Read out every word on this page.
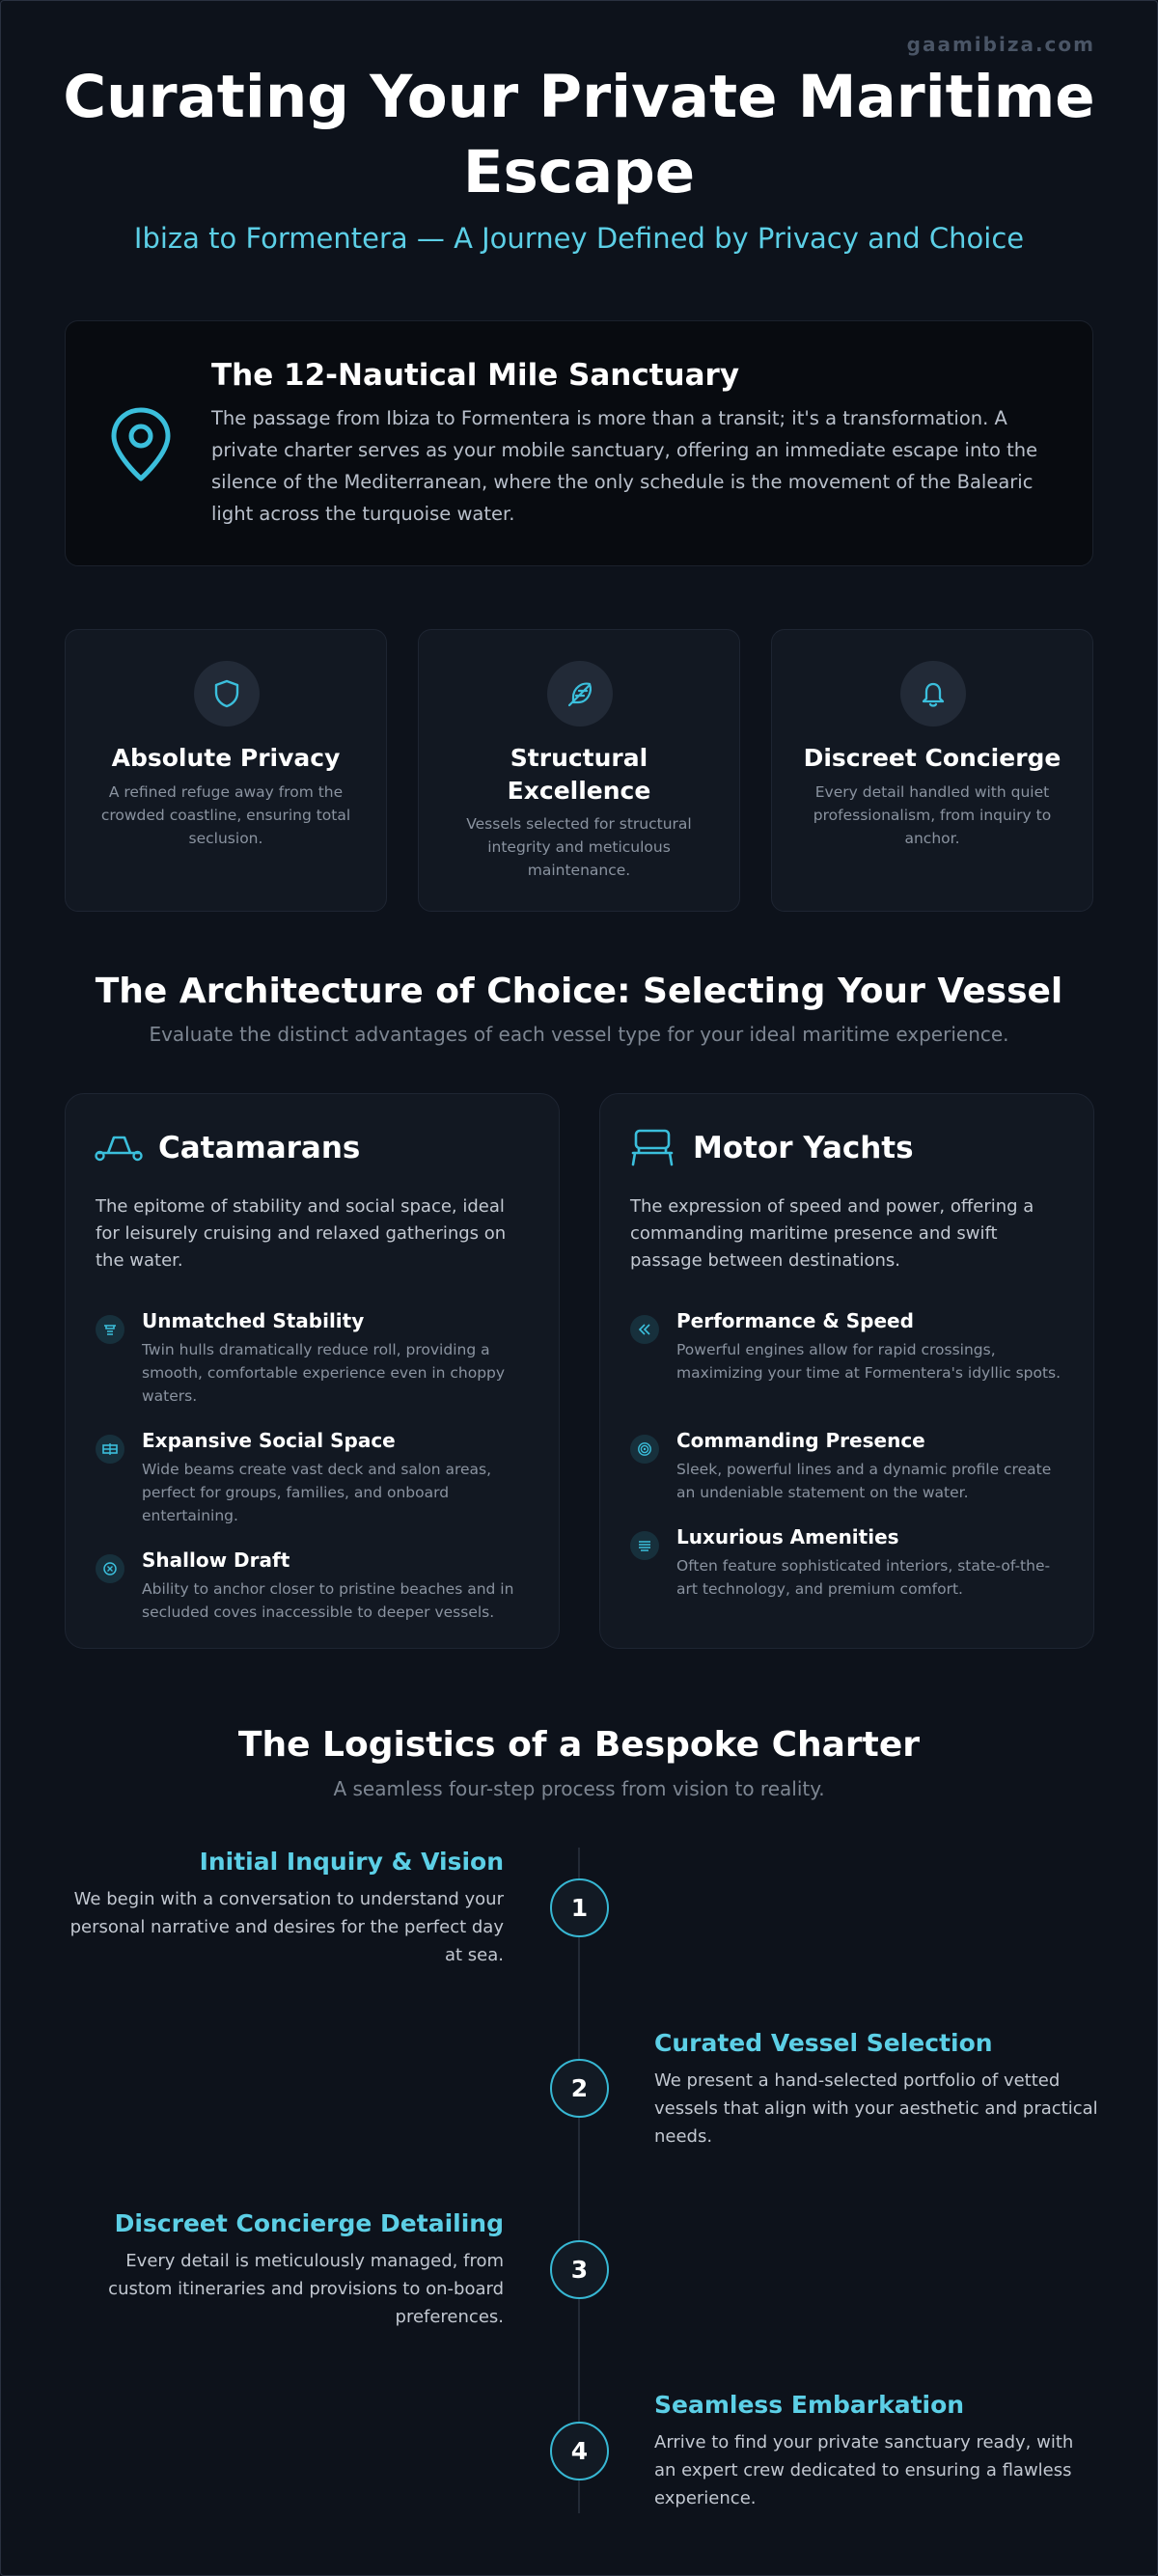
gaamibiza.com
Curating Your Private Maritime Escape
Ibiza to Formentera — A Journey Defined by Privacy and Choice
The 12-Nautical Mile Sanctuary

The passage from Ibiza to Formentera is more than a transit; it's a transformation. A private charter serves as your mobile sanctuary, offering an immediate escape into the silence of the Mediterranean, where the only schedule is the movement of the Balearic light across the turquoise water.

Absolute Privacy

A refined refuge away from the crowded coastline, ensuring total seclusion.

Structural Excellence

Vessels selected for structural integrity and meticulous maintenance.

Discreet Concierge

Every detail handled with quiet professionalism, from inquiry to anchor.

The Architecture of Choice: Selecting Your Vessel
Evaluate the distinct advantages of each vessel type for your ideal maritime experience.
Catamarans

The epitome of stability and social space, ideal for leisurely cruising and relaxed gatherings on the water.

Unmatched Stability

Twin hulls dramatically reduce roll, providing a smooth, comfortable experience even in choppy waters.

Expansive Social Space

Wide beams create vast deck and salon areas, perfect for groups, families, and onboard entertaining.

Shallow Draft

Ability to anchor closer to pristine beaches and in secluded coves inaccessible to deeper vessels.

Motor Yachts

The expression of speed and power, offering a commanding maritime presence and swift passage between destinations.

Performance & Speed

Powerful engines allow for rapid crossings, maximizing your time at Formentera's idyllic spots.

Commanding Presence

Sleek, powerful lines and a dynamic profile create an undeniable statement on the water.

Luxurious Amenities

Often feature sophisticated interiors, state-of-the-art technology, and premium comfort.

The Logistics of a Bespoke Charter
A seamless four-step process from vision to reality.
1
Initial Inquiry & Vision

We begin with a conversation to understand your personal narrative and desires for the perfect day at sea.

2
Curated Vessel Selection

We present a hand-selected portfolio of vetted vessels that align with your aesthetic and practical needs.

3
Discreet Concierge Detailing

Every detail is meticulously managed, from custom itineraries and provisions to on-board preferences.

4
Seamless Embarkation

Arrive to find your private sanctuary ready, with an expert crew dedicated to ensuring a flawless experience.
